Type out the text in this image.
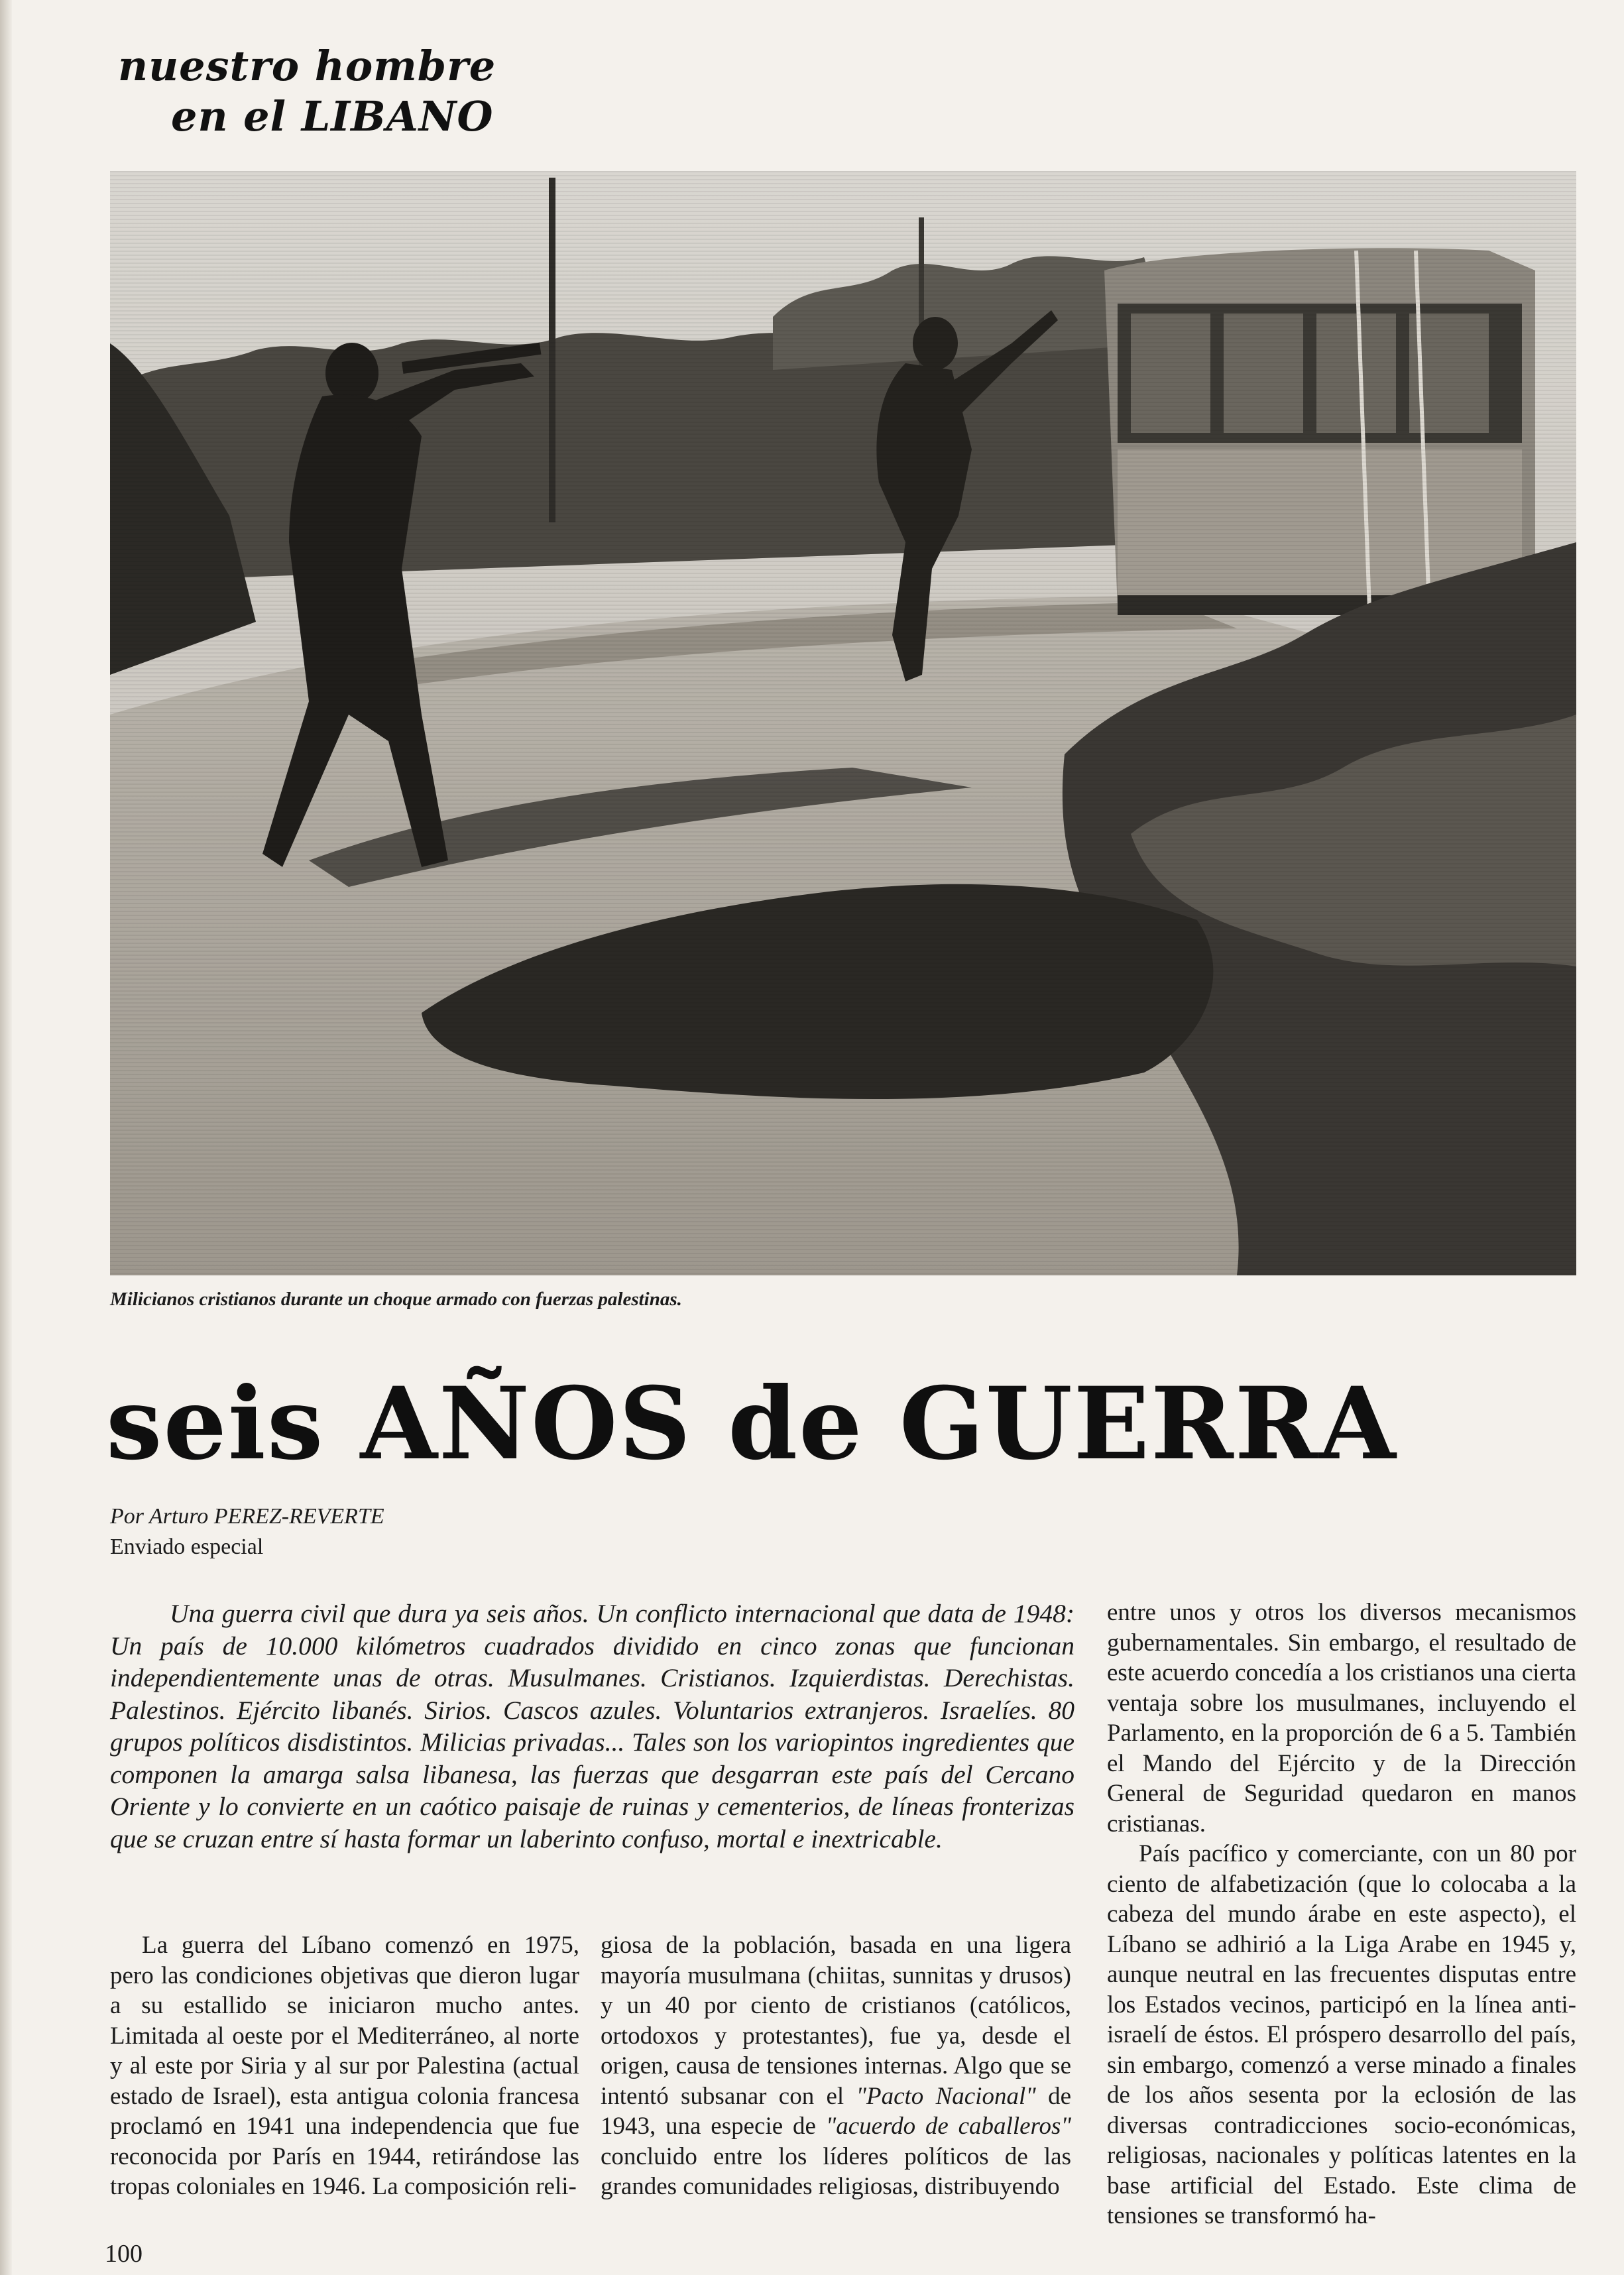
nuestro hombre
en el LIBANO
Milicianos cristianos durante un choque armado con fuerzas palestinas.
seis AÑOS de GUERRA
Por Arturo PEREZ-REVERTE
Enviado especial

Una guerra civil que dura ya seis años. Un conflicto internacional que data de 1948: Un país de 10.000 kilómetros cuadrados dividido en cinco zonas que funcionan independientemente unas de otras. Musulmanes. Cristianos. Izquierdistas. Derechistas. Palestinos. Ejército libanés. Sirios. Cascos azules. Voluntarios extranjeros. Israelíes. 80 grupos políticos disdistintos. Milicias privadas... Tales son los variopintos ingredientes que componen la amarga salsa libanesa, las fuerzas que desgarran este país del Cercano Oriente y lo convierte en un caótico paisaje de ruinas y cementerios, de líneas fronterizas que se cruzan entre sí hasta formar un laberinto confuso, mortal e inextricable.

La guerra del Líbano comenzó en 1975, pero las condiciones objetivas que dieron lugar a su estallido se iniciaron mucho antes. Limitada al oeste por el Mediterráneo, al norte y al este por Siria y al sur por Palestina (actual estado de Israel), esta antigua colonia francesa proclamó en 1941 una independencia que fue reconocida por París en 1944, retirándose las tropas coloniales en 1946. La composición reli-

giosa de la población, basada en una ligera mayoría musulmana (chiitas, sunnitas y drusos) y un 40 por ciento de cristianos (católicos, ortodoxos y protestantes), fue ya, desde el origen, causa de tensiones internas. Algo que se intentó subsanar con el "Pacto Nacional" de 1943, una especie de "acuerdo de caballeros" concluido entre los líderes políticos de las grandes comunidades religiosas, distribuyendo

entre unos y otros los diversos mecanismos gubernamentales. Sin embargo, el resultado de este acuerdo concedía a los cristianos una cierta ventaja sobre los musulmanes, incluyendo el Parlamento, en la proporción de 6 a 5. También el Mando del Ejército y de la Dirección General de Seguridad quedaron en manos cristianas.
País pacífico y comerciante, con un 80 por ciento de alfabetización (que lo colocaba a la cabeza del mundo árabe en este aspecto), el Líbano se adhirió a la Liga Arabe en 1945 y, aunque neutral en las frecuentes disputas entre los Estados vecinos, participó en la línea anti-israelí de éstos. El próspero desarrollo del país, sin embargo, comenzó a verse minado a finales de los años sesenta por la eclosión de las diversas contradicciones socio-económicas, religiosas, nacionales y políticas latentes en la base artificial del Estado. Este clima de tensiones se transformó ha-

100
